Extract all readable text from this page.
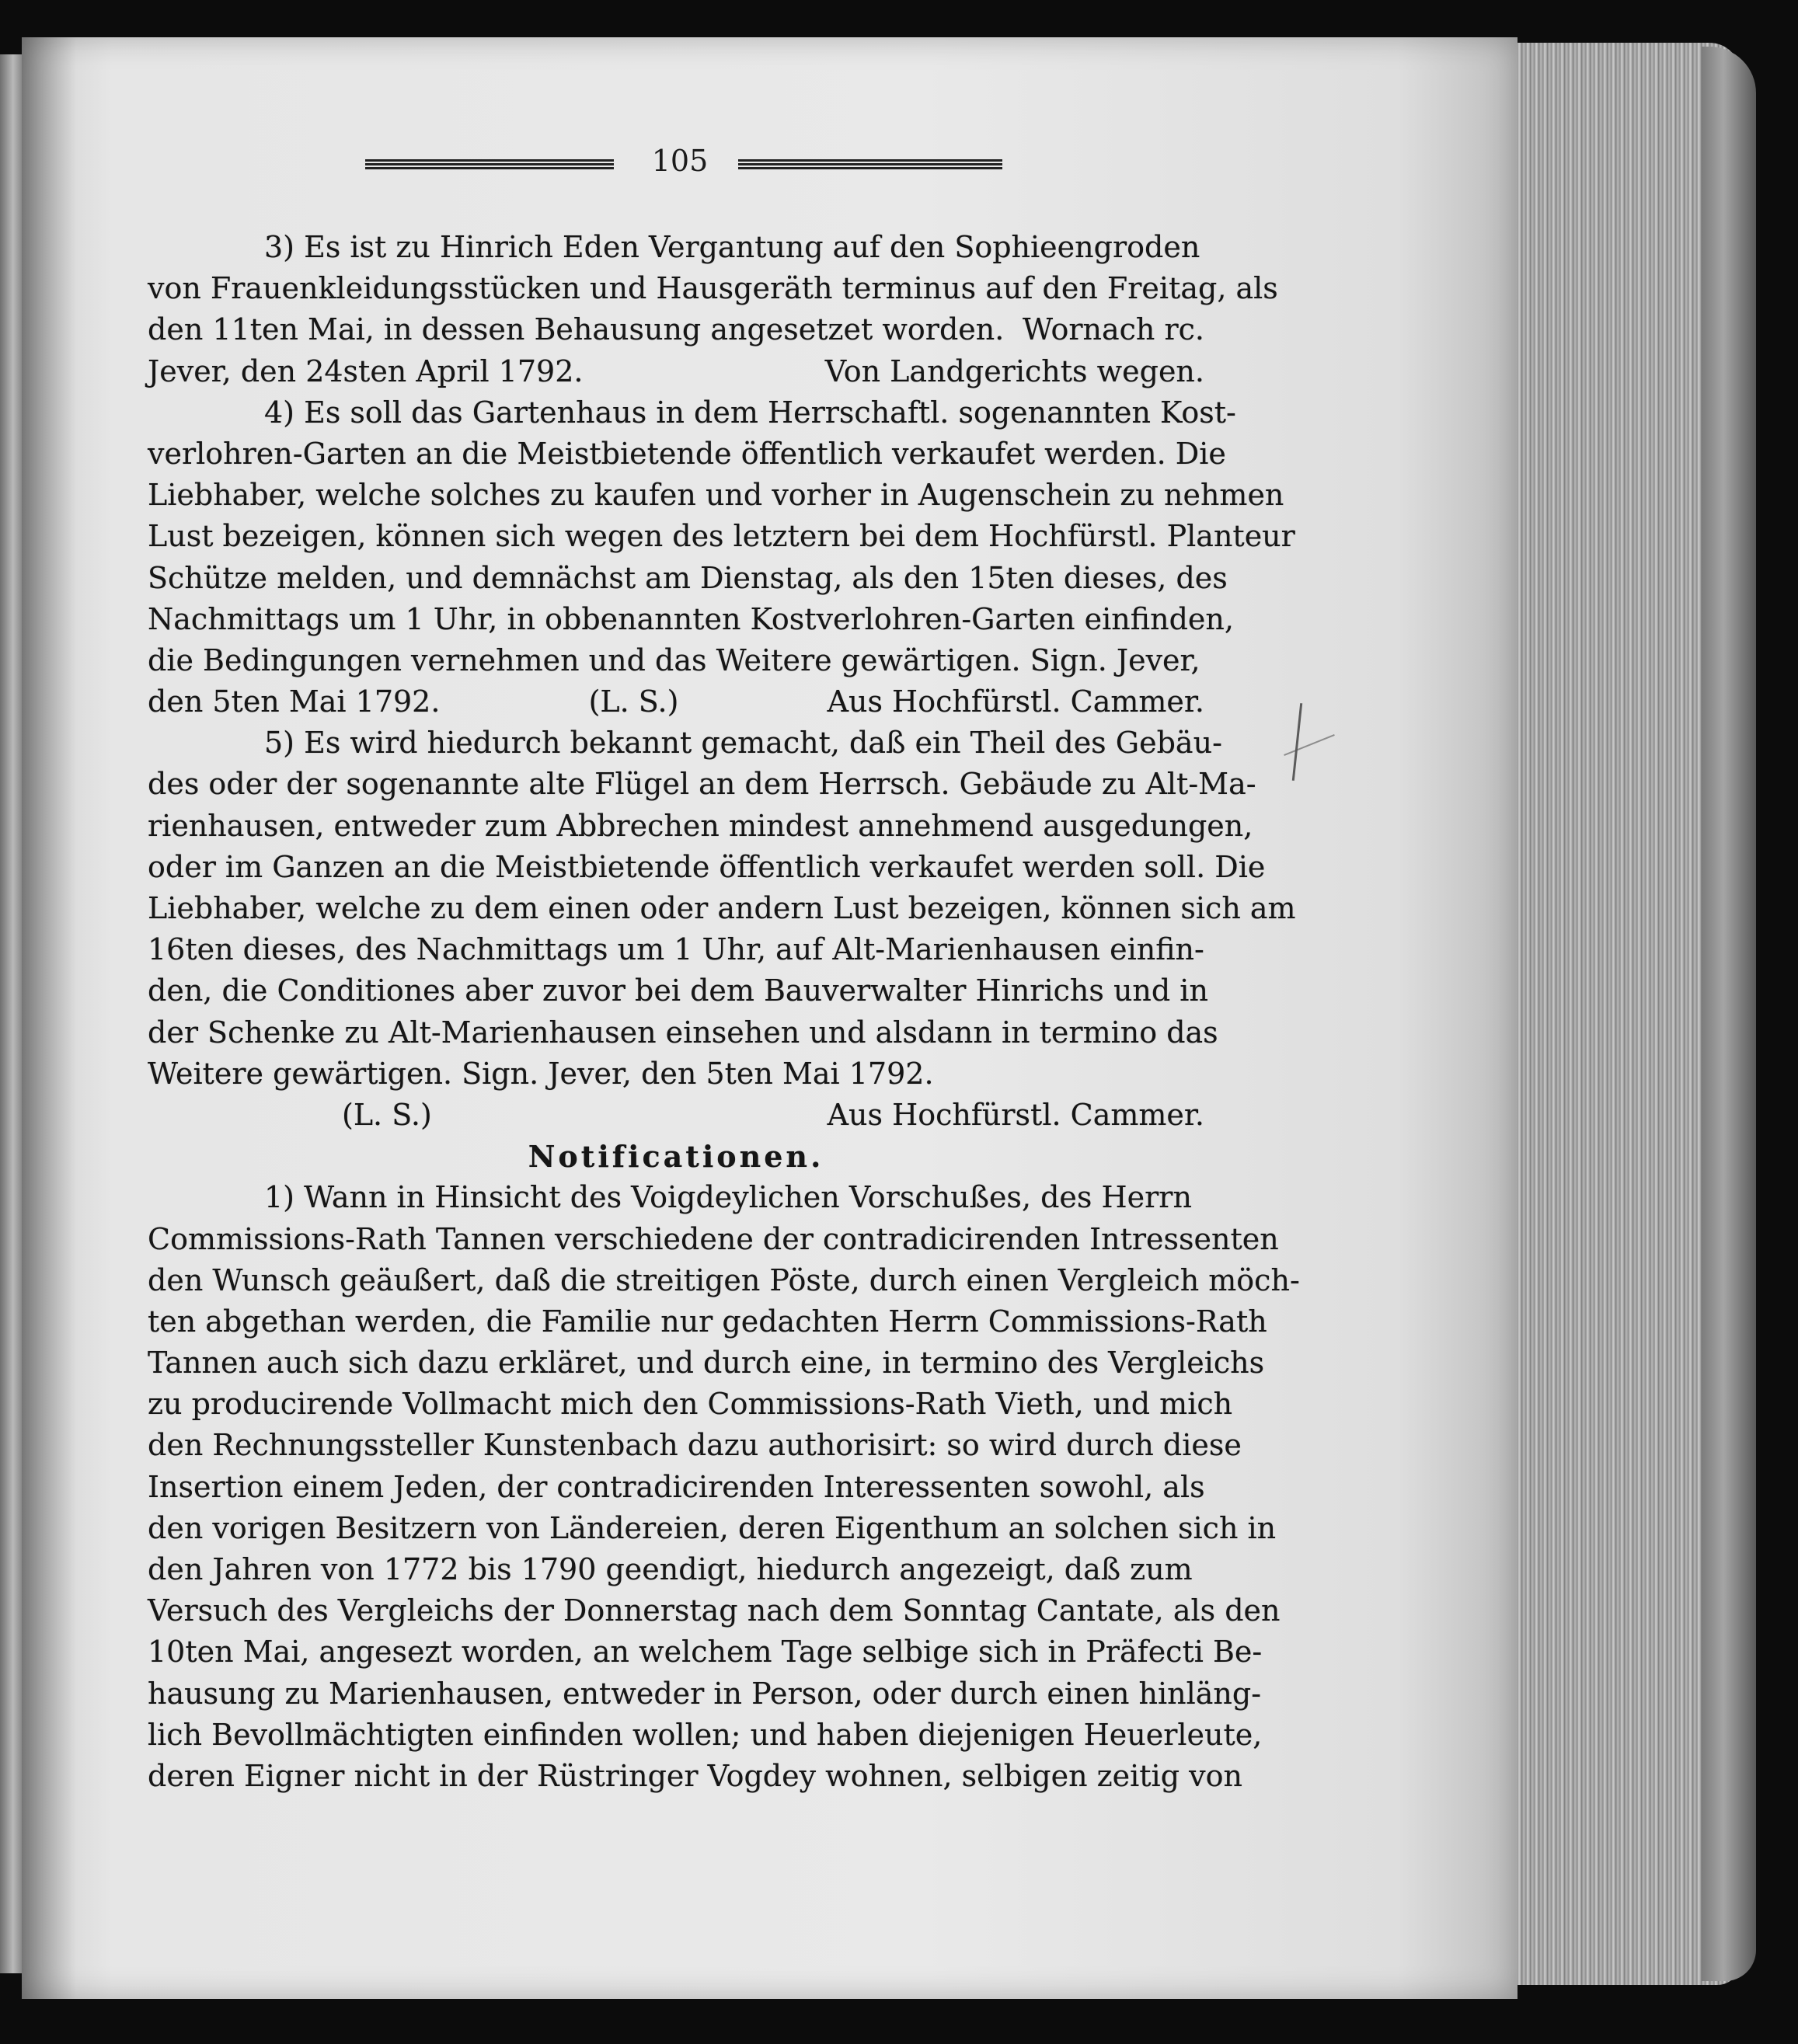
105
3) Es ist zu Hinrich Eden Vergantung auf den Sophieengroden
von Frauenkleidungsstücken und Hausgeräth terminus auf den Freitag, als
den 11ten Mai, in dessen Behausung angesetzet worden. Wornach rc.
Jever, den 24sten April 1792.	Von Landgerichts wegen.
4) Es soll das Gartenhaus in dem Herrschaftl. sogenannten Kost-
verlohren-Garten an die Meistbietende öffentlich verkaufet werden. Die
Liebhaber, welche solches zu kaufen und vorher in Augenschein zu nehmen
Lust bezeigen, können sich wegen des letztern bei dem Hochfürstl. Planteur
Schütze melden, und demnächst am Dienstag, als den 15ten dieses, des
Nachmittags um 1 Uhr, in obbenannten Kostverlohren-Garten einfinden,
die Bedingungen vernehmen und das Weitere gewärtigen. Sign. Jever,
den 5ten Mai 1792.	(L. S.)	Aus Hochfürstl. Cammer.
5) Es wird hiedurch bekannt gemacht, daß ein Theil des Gebäu-
des oder der sogenannte alte Flügel an dem Herrsch. Gebäude zu Alt-Ma-
rienhausen, entweder zum Abbrechen mindest annehmend ausgedungen,
oder im Ganzen an die Meistbietende öffentlich verkaufet werden soll. Die
Liebhaber, welche zu dem einen oder andern Lust bezeigen, können sich am
16ten dieses, des Nachmittags um 1 Uhr, auf Alt-Marienhausen einfin-
den, die Conditiones aber zuvor bei dem Bauverwalter Hinrichs und in
der Schenke zu Alt-Marienhausen einsehen und alsdann in termino das
Weitere gewärtigen. Sign. Jever, den 5ten Mai 1792.
(L. S.)	Aus Hochfürstl. Cammer.
Notificationen.
1) Wann in Hinsicht des Voigdeylichen Vorschußes, des Herrn
Commissions-Rath Tannen verschiedene der contradicirenden Intressenten
den Wunsch geäußert, daß die streitigen Pöste, durch einen Vergleich möch-
ten abgethan werden, die Familie nur gedachten Herrn Commissions-Rath
Tannen auch sich dazu erkläret, und durch eine, in termino des Vergleichs
zu producirende Vollmacht mich den Commissions-Rath Vieth, und mich
den Rechnungssteller Kunstenbach dazu authorisirt: so wird durch diese
Insertion einem Jeden, der contradicirenden Interessenten sowohl, als
den vorigen Besitzern von Ländereien, deren Eigenthum an solchen sich in
den Jahren von 1772 bis 1790 geendigt, hiedurch angezeigt, daß zum
Versuch des Vergleichs der Donnerstag nach dem Sonntag Cantate, als den
10ten Mai, angesezt worden, an welchem Tage selbige sich in Präfecti Be-
hausung zu Marienhausen, entweder in Person, oder durch einen hinläng-
lich Bevollmächtigten einfinden wollen; und haben diejenigen Heuerleute,
deren Eigner nicht in der Rüstringer Vogdey wohnen, selbigen zeitig von
